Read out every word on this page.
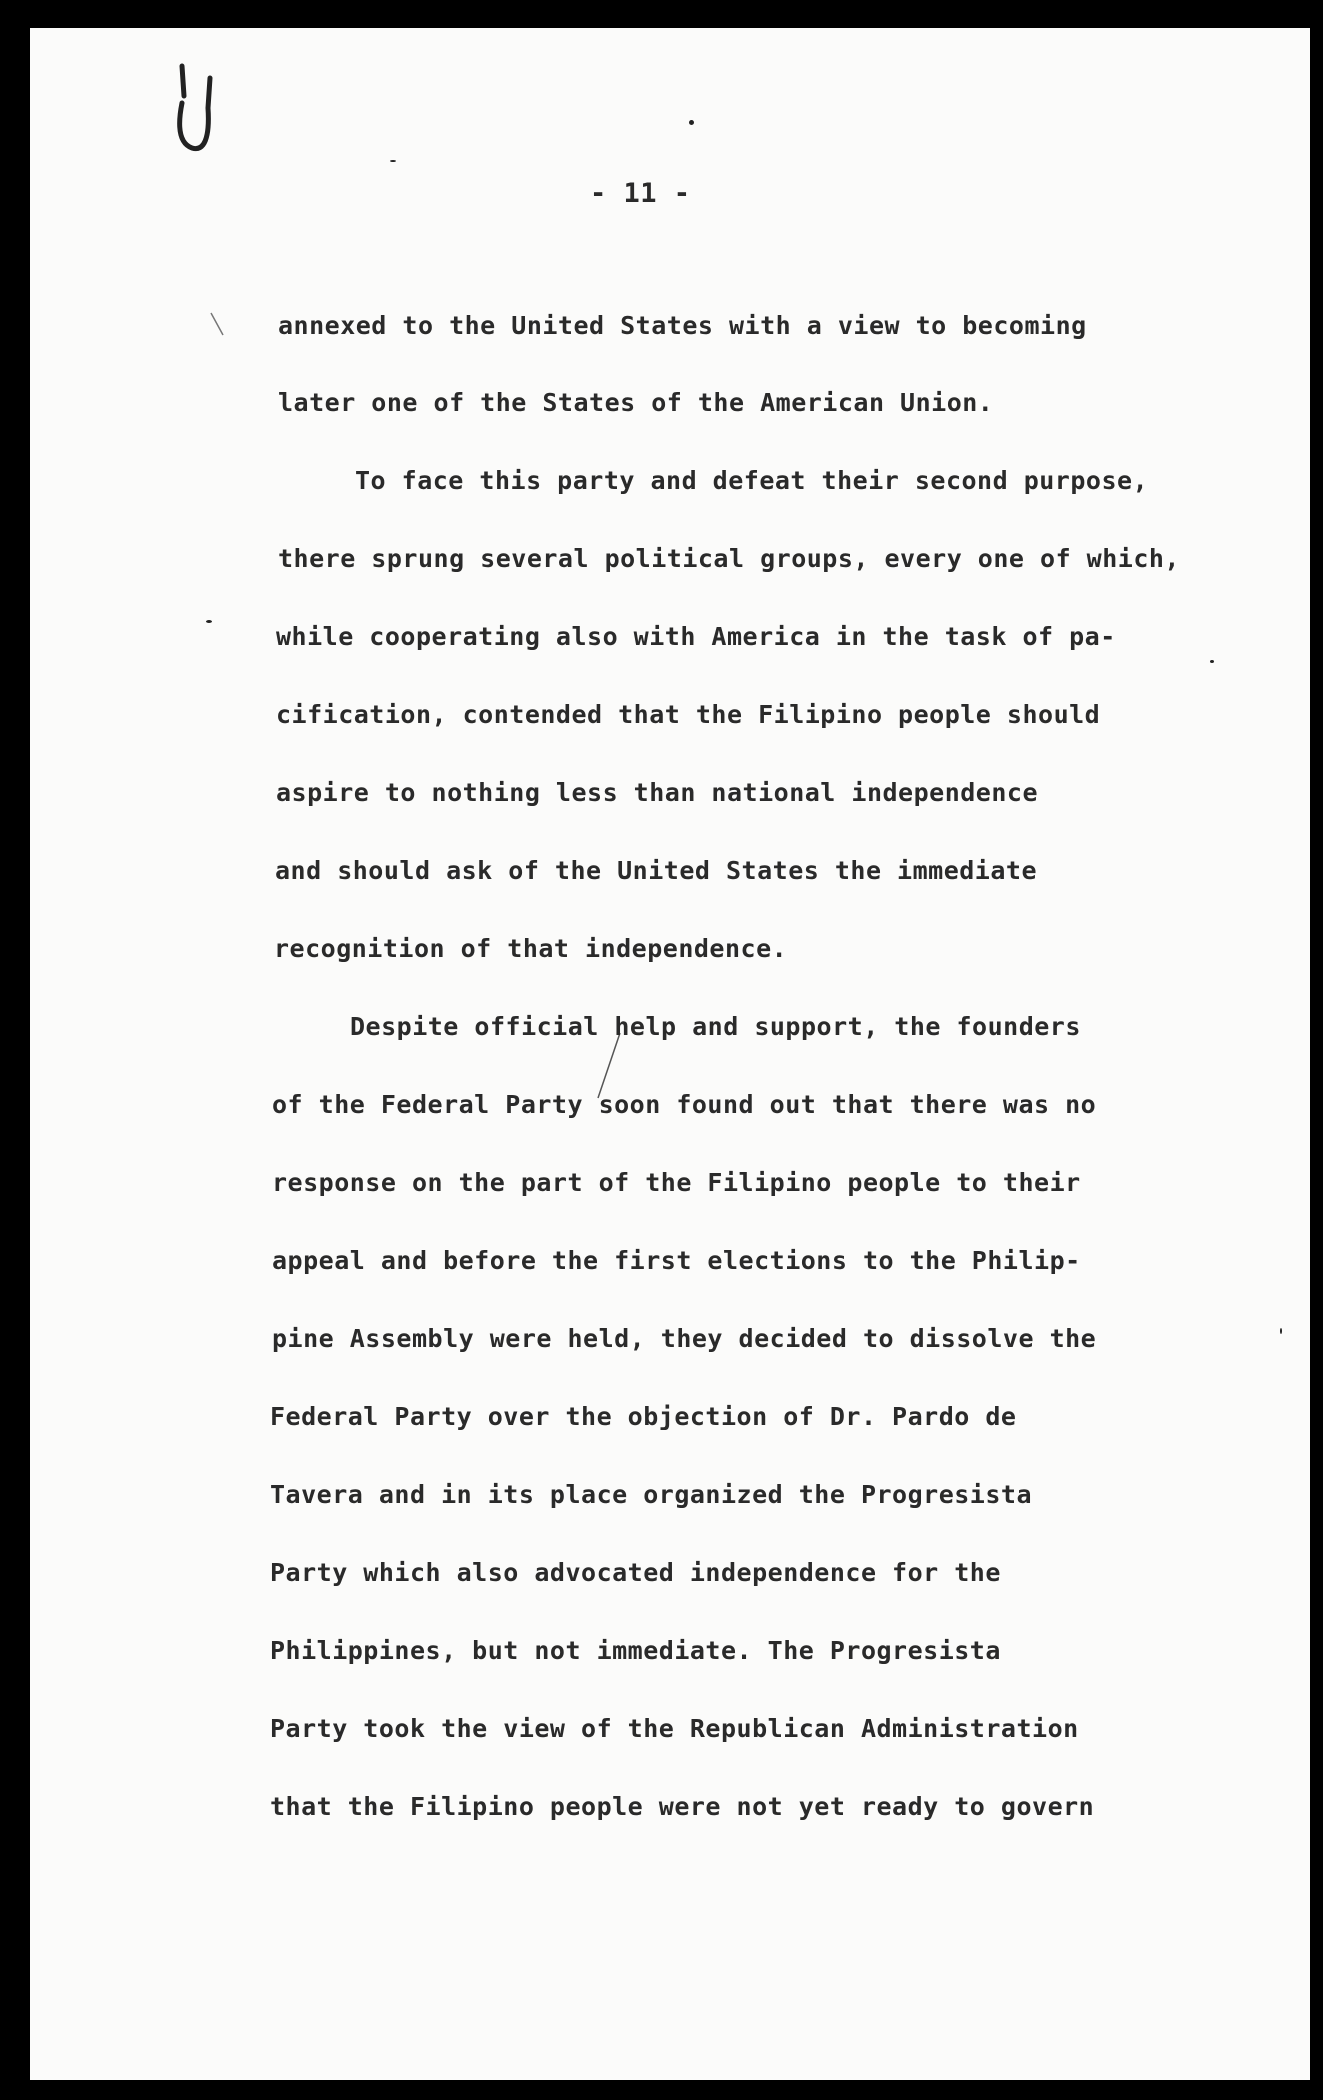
- 11 -
annexed to the United States with a view to becoming
later one of the States of the American Union.
To face this party and defeat their second purpose,
there sprung several political groups, every one of which,
while cooperating also with America in the task of pa-
cification, contended that the Filipino people should
aspire to nothing less than national independence
and should ask of the United States the immediate
recognition of that independence.
Despite official help and support, the founders
of the Federal Party soon found out that there was no
response on the part of the Filipino people to their
appeal and before the first elections to the Philip-
pine Assembly were held, they decided to dissolve the
Federal Party over the objection of Dr. Pardo de
Tavera and in its place organized the Progresista
Party which also advocated independence for the
Philippines, but not immediate. The Progresista
Party took the view of the Republican Administration
that the Filipino people were not yet ready to govern
